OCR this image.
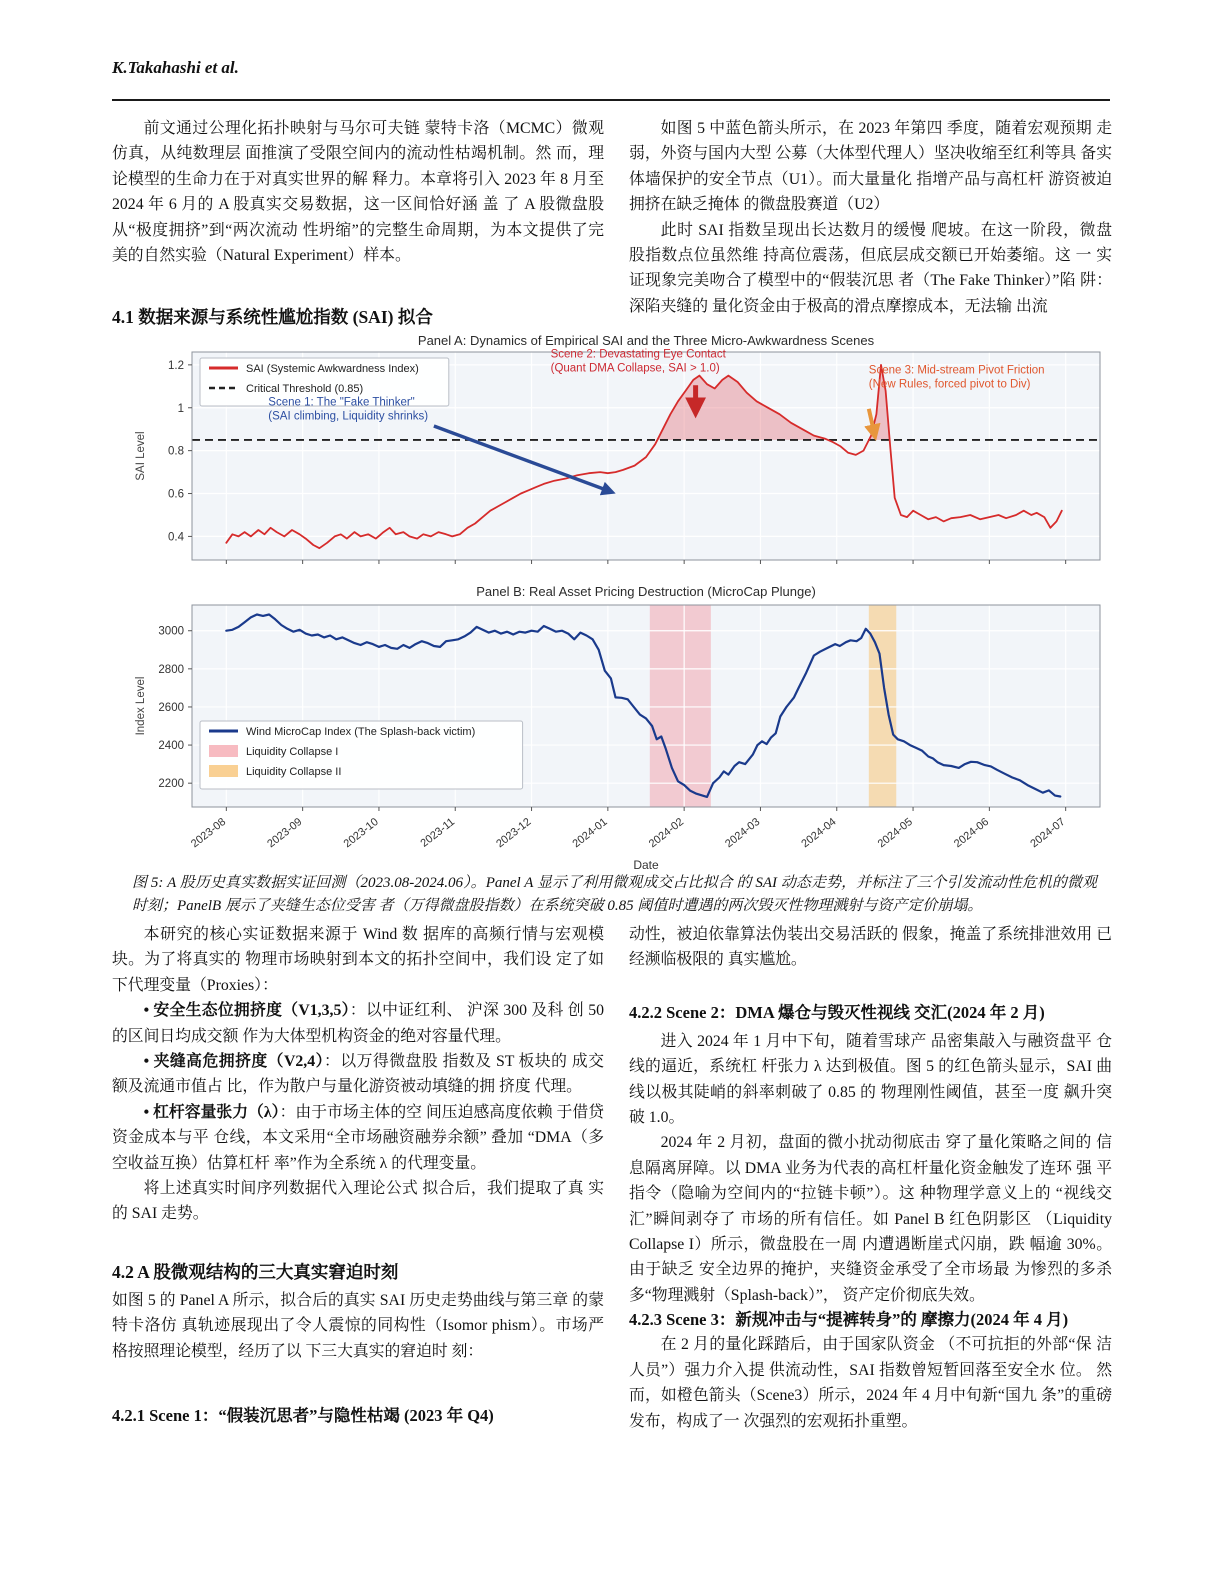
K.Takahashi et al.

前文通过公理化拓扑映射与马尔可夫链 蒙特卡洛（MCMC）微观仿真，从纯数理层 面推演了受限空间内的流动性枯竭机制。然 而，理论模型的生命力在于对真实世界的解 释力。本章将引入 2023 年 8 月至 2024 年 6 月的 A 股真实交易数据，这一区间恰好涵 盖 了 A 股微盘股从“极度拥挤”到“两次流动 性坍缩”的完整生命周期，为本文提供了完 美的自然实验（Natural Experiment）样本。

4.1 数据来源与系统性尴尬指数 (SAI) 拟合

如图 5 中蓝色箭头所示，在 2023 年第四 季度，随着宏观预期 走弱，外资与国内大型 公募（大体型代理人）坚决收缩至红利等具 备实体墙保护的安全节点（U1）。而大量量化 指增产品与高杠杆 游资被迫拥挤在缺乏掩体 的微盘股赛道（U2）

此时 SAI 指数呈现出长达数月的缓慢 爬坡。在这一阶段，微盘 股指数点位虽然维 持高位震荡，但底层成交额已开始萎缩。这 一 实证现象完美吻合了模型中的“假装沉思 者（The Fake Thinker）”陷 阱：深陷夹缝的 量化资金由于极高的滑点摩擦成本，无法输 出流

0.4
0.6
0.8
1
1.2
Panel A: Dynamics of Empirical SAI and the Three Micro-Awkwardness Scenes
SAI Level
SAI (Systemic Awkwardness Index)
Critical Threshold (0.85)
Scene 1: The "Fake Thinker" (SAI climbing, Liquidity shrinks)
Scene 2: Devastating Eye Contact (Quant DMA Collapse, SAI > 1.0)	Scene 3: Mid-stream Pivot Friction (New Rules, forced pivot to Div)
2200
2400
2600
2800
3000
2023-08	2023-09	2023-10	2023-11	2023-12	2024-01	2024-02	2024-03	2024-04	2024-05	2024-06	2024-07
Panel B: Real Asset Pricing Destruction (MicroCap Plunge)
Index Level
Date
Wind MicroCap Index (The Splash-back victim)
Liquidity Collapse I
Liquidity Collapse II
图 5: A 股历史真实数据实证回测（2023.08-2024.06）。Panel A 显示了利用微观成交占比拟合 的 SAI 动态走势，并标注了三个引发流动性危机的微观时刻；PanelB 展示了夹缝生态位受害 者（万得微盘股指数）在系统突破 0.85 阈值时遭遇的两次毁灭性物理溅射与资产定价崩塌。

本研究的核心实证数据来源于 Wind 数 据库的高频行情与宏观模块。为了将真实的 物理市场映射到本文的拓扑空间中，我们设 定了如下代理变量（Proxies）：

• 安全生态位拥挤度（V1,3,5）：以中证红利、 沪深 300 及科 创 50 的区间日均成交额 作为大体型机构资金的绝对容量代理。

• 夹缝高危拥挤度（V2,4）：以万得微盘股 指数及 ST 板块的 成交额及流通市值占 比，作为散户与量化游资被动填缝的拥 挤度 代理。

• 杠杆容量张力（λ）：由于市场主体的空 间压迫感高度依赖 于借贷资金成本与平 仓线，本文采用“全市场融资融券余额” 叠加 “DMA（多空收益互换）估算杠杆 率”作为全系统 λ 的代理变量。

将上述真实时间序列数据代入理论公式 拟合后，我们提取了真 实的 SAI 走势。

4.2 A 股微观结构的三大真实窘迫时刻

如图 5 的 Panel A 所示，拟合后的真实 SAI 历史走势曲线与第三章 的蒙特卡洛仿 真轨迹展现出了令人震惊的同构性（Isomor phism）。市场严格按照理论模型，经历了以 下三大真实的窘迫时 刻：

4.2.1 Scene 1：“假装沉思者”与隐性枯竭 (2023 年 Q4)

动性，被迫依靠算法伪装出交易活跃的 假象，掩盖了系统排泄效用 已经濒临极限的 真实尴尬。

4.2.2 Scene 2：DMA 爆仓与毁灭性视线 交汇(2024 年 2 月)

进入 2024 年 1 月中下旬，随着雪球产 品密集敲入与融资盘平 仓线的逼近，系统杠 杆张力 λ 达到极值。图 5 的红色箭头显示，SAI 曲线以极其陡峭的斜率刺破了 0.85 的 物理刚性阈值，甚至一度 飙升突破 1.0。

2024 年 2 月初，盘面的微小扰动彻底击 穿了量化策略之间的 信息隔离屏障。以 DMA 业务为代表的高杠杆量化资金触发了连环 强 平指令（隐喻为空间内的“拉链卡顿”）。这 种物理学意义上的 “视线交汇”瞬间剥夺了 市场的所有信任。如 Panel B 红色阴影区 （Liquidity Collapse I）所示，微盘股在一周 内遭遇断崖式闪崩，跌 幅逾 30%。由于缺乏 安全边界的掩护，夹缝资金承受了全市场最 为惨烈的多杀多“物理溅射（Splash-back）”， 资产定价彻底失效。

4.2.3 Scene 3：新规冲击与“提裤转身”的 摩擦力(2024 年 4 月)

在 2 月的量化踩踏后，由于国家队资金 （不可抗拒的外部“保 洁人员”）强力介入提 供流动性，SAI 指数曾短暂回落至安全水 位。 然而，如橙色箭头（Scene3）所示，2024 年 4 月中旬新“国九 条”的重磅发布，构成了一 次强烈的宏观拓扑重塑。
